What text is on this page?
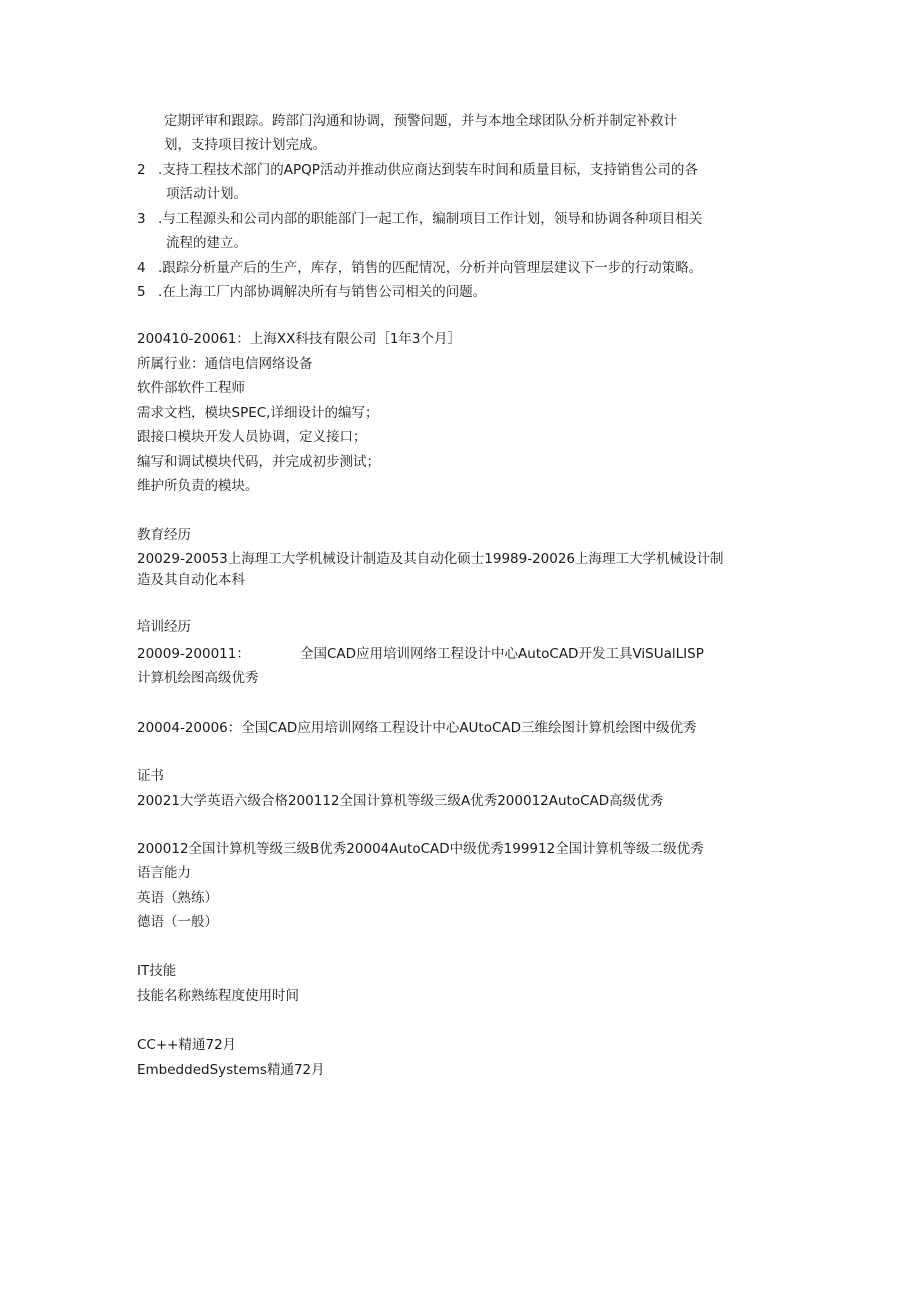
定期评审和跟踪。跨部门沟通和协调，预警问题，并与本地全球团队分析并制定补救计
划，支持项目按计划完成。
2 .支持工程技术部门的APQP活动并推动供应商达到装车时间和质量目标，支持销售公司的各
项活动计划。
3 .与工程源头和公司内部的职能部门一起工作，编制项目工作计划，领导和协调各种项目相关
流程的建立。
4 .跟踪分析量产后的生产，库存，销售的匹配情况，分析并向管理层建议下一步的行动策略。
5 .在上海工厂内部协调解决所有与销售公司相关的问题。
200410-20061：上海XX科技有限公司［1年3个月］
所属行业：通信电信网络设备
软件部软件工程师
需求文档，模块SPEC,详细设计的编写；
跟接口模块开发人员协调，定义接口；
编写和调试模块代码，并完成初步测试；
维护所负责的模块。
教育经历
20029-20053上海理工大学机械设计制造及其自动化硕士19989-20026上海理工大学机械设计制
造及其自动化本科
培训经历
20009-200011：	全国CAD应用培训网络工程设计中心AutoCAD开发工具ViSUalLISP
计算机绘图高级优秀
20004-20006：全国CAD应用培训网络工程设计中心AUtoCAD三维绘图计算机绘图中级优秀
证书
20021大学英语六级合格200112全国计算机等级三级A优秀200012AutoCAD高级优秀
200012全国计算机等级三级B优秀20004AutoCAD中级优秀199912全国计算机等级二级优秀
语言能力
英语（熟练）
德语（一般）
IT技能
技能名称熟练程度使用时间
CC++精通72月
EmbeddedSystems精通72月
